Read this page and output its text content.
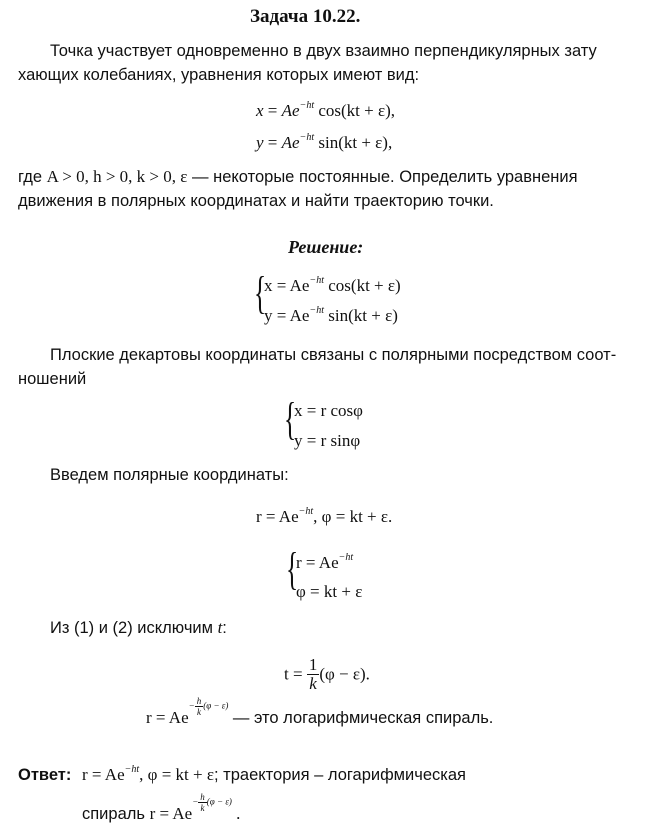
Задача 10.22.
Точка участвует одновременно в двух взаимно перпендикулярных зату
хающих колебаниях, уравнения которых имеют вид:
$x = Ae^{-ht}$ cos(kt + ε),
$y = Ae^{-ht}$ sin(kt + ε),
где A > 0, h > 0, k > 0, ε — некоторые постоянные. Определить уравнения
движения в полярных координатах и найти траекторию точки.
Решение:
{
$x = Ae^{-ht}$ cos(kt + ε)
$y = Ae^{-ht}$ sin(kt + ε)
Плоские декартовы координаты связаны с полярными посредством соот-
ношений
{
x = r cosφ
y = r sinφ
Введем полярные координаты:
$r = Ae^{-ht}$, φ = kt + ε.
{
$r = Ae^{-ht}$
φ = kt + ε
Из (1) и (2) исключим t:
$t = \frac{1}{k} (\varphi - \varepsilon)$.
$r = Ae- \frac{h}{k} (\varphi - \varepsilon)$ — это логарифмическая спираль.
Ответ: $r = Ae^{-ht}$, φ = kt + ε; траектория – логарифмическая
спираль $r = Ae- \frac{h}{k} (\varphi - \varepsilon)$ .
